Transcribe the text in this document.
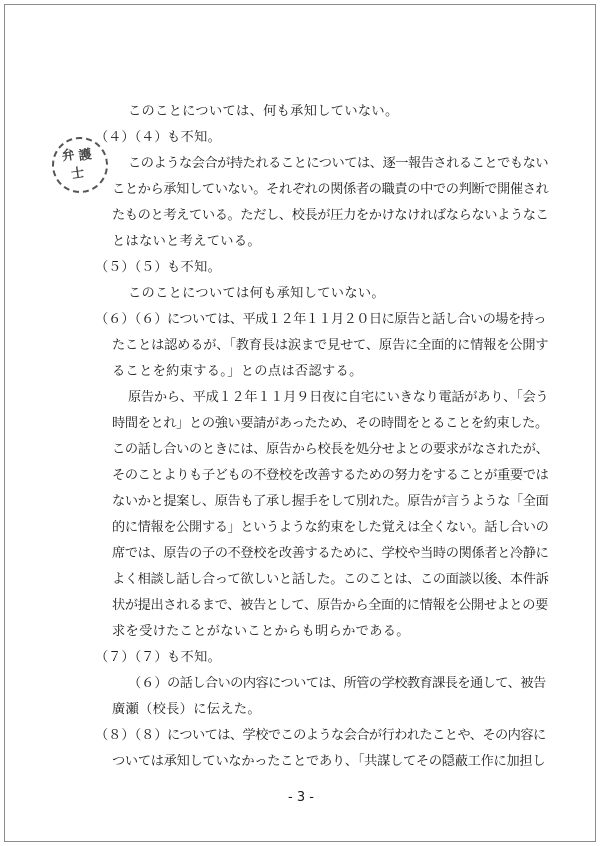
弁 護
士
このことについては、何も承知していない。
（４）
（４） も不知。
このような会合が持たれることについては、逐一報告されることでもない
ことから承知していない。それぞれの関係者の職責の中での判断で開催され
たものと考えている。ただし、校長が圧力をかけなければならないようなこ
とはないと考えている。
（５）
（５） も不知。
このことについては何も承知していない。
（６）
（６） については、平成１２年１１月２０日に原告と話し合いの場を持っ
たことは認めるが、「教育長は涙まで見せて、原告に全面的に情報を公開す
ることを約束する。」との点は否認する。
原告から、平成１２年１１月９日夜に自宅にいきなり電話があり、「会う
時間をとれ」との強い要請があったため、その時間をとることを約束した。
この話し合いのときには、原告から校長を処分せよとの要求がなされたが、
そのことよりも子どもの不登校を改善するための努力をすることが重要では
ないかと提案し、原告も了承し握手をして別れた。原告が言うような「全面
的に情報を公開する」というような約束をした覚えは全くない。話し合いの
席では、原告の子の不登校を改善するために、学校や当時の関係者と冷静に
よく相談し話し合って欲しいと話した。このことは、この面談以後、本件訴
状が提出されるまで、被告として、原告から全面的に情報を公開せよとの要
求を受けたことがないことからも明らかである。
（７）
（７） も不知。
（６） の話し合いの内容については、所管の学校教育課長を通して、被告
廣瀬（校長）に伝えた。
（８）
（８） については、学校でこのような会合が行われたことや、その内容に
ついては承知していなかったことであり、「共謀してその隠蔽工作に加担し
- 3 -
